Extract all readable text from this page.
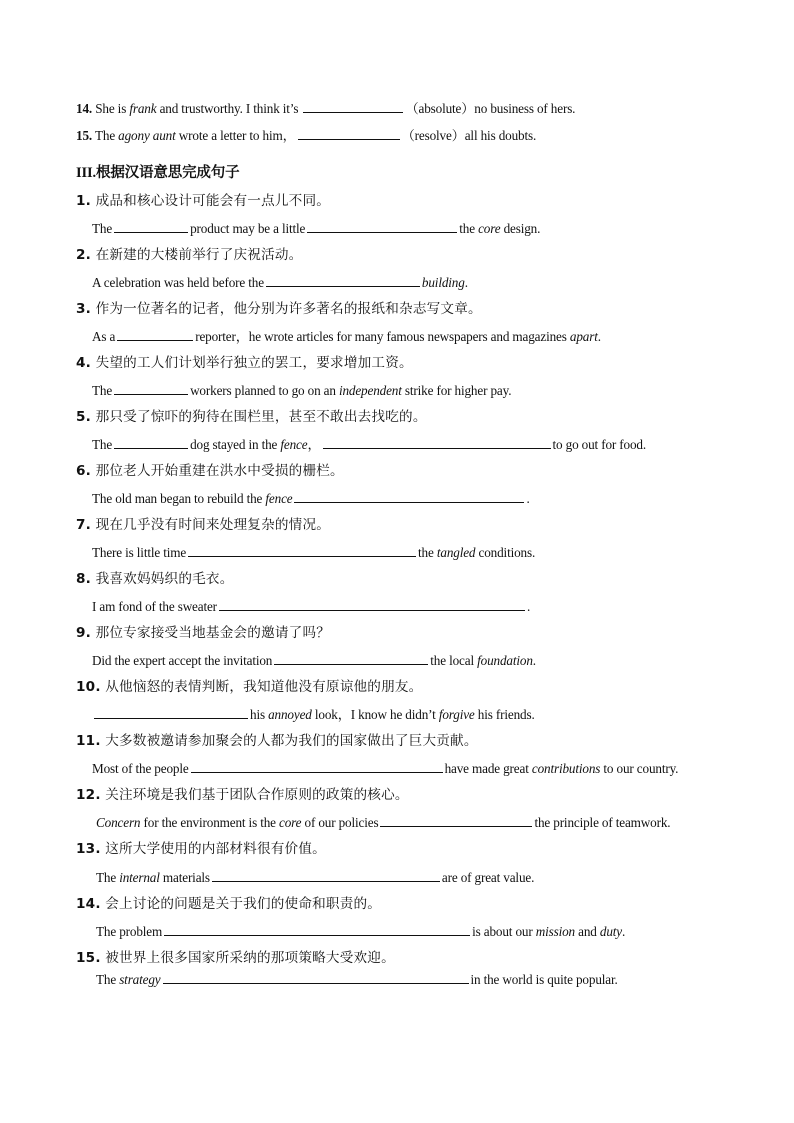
14. She is frank and trustworthy. I think it’s	（absolute）no business of hers.
15. The agony aunt wrote a letter to him，	（resolve）all his doubts.
III.根据汉语意思完成句子
1. 成品和核心设计可能会有一点儿不同。
The	product may be a little	the core design.
2. 在新建的大楼前举行了庆祝活动。
A celebration was held before the	building.
3. 作为一位著名的记者，他分别为许多著名的报纸和杂志写文章。
As a	reporter，he wrote articles for many famous newspapers and magazines apart.
4. 失望的工人们计划举行独立的罢工，要求增加工资。
The	workers planned to go on an independent strike for higher pay.
5. 那只受了惊吓的狗待在围栏里，甚至不敢出去找吃的。
The	dog stayed in the fence，	to go out for food.
6. 那位老人开始重建在洪水中受损的栅栏。
The old man began to rebuild the fence	.
7. 现在几乎没有时间来处理复杂的情况。
There is little time	the tangled conditions.
8. 我喜欢妈妈织的毛衣。
I am fond of the sweater	.
9. 那位专家接受当地基金会的邀请了吗？
Did the expert accept the invitation	the local foundation.
10. 从他恼怒的表情判断，我知道他没有原谅他的朋友。
his annoyed look，I know he didn’t forgive his friends.
11. 大多数被邀请参加聚会的人都为我们的国家做出了巨大贡献。
Most of the people	have made great contributions to our country.
12. 关注环境是我们基于团队合作原则的政策的核心。
Concern for the environment is the core of our policies	the principle of teamwork.
13. 这所大学使用的内部材料很有价值。
The internal materials	are of great value.
14. 会上讨论的问题是关于我们的使命和职责的。
The problem	is about our mission and duty.
15. 被世界上很多国家所采纳的那项策略大受欢迎。
The strategy	in the world is quite popular.
